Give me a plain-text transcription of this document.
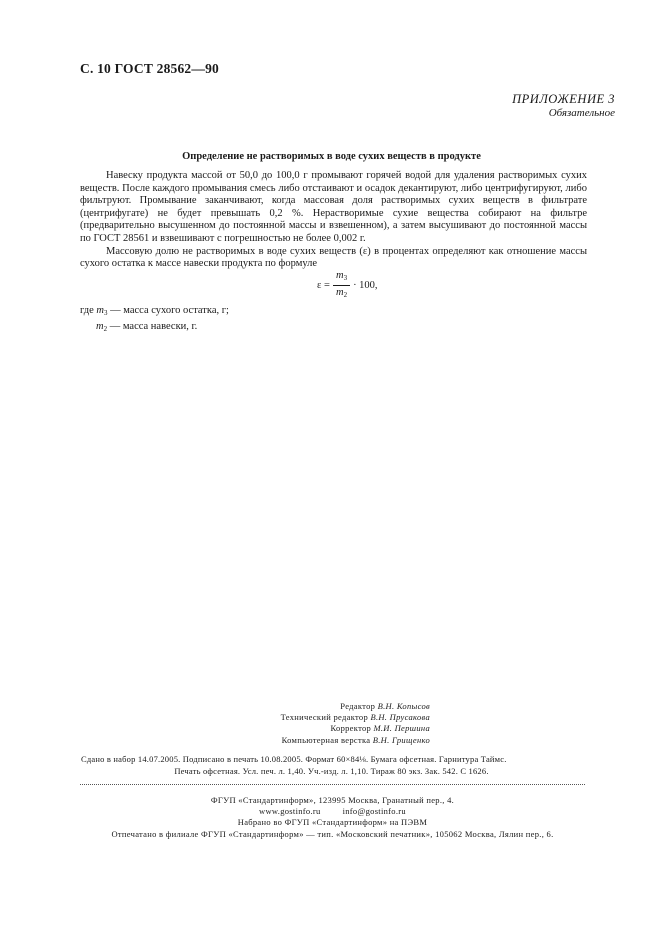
С. 10 ГОСТ 28562—90
ПРИЛОЖЕНИЕ 3
Обязательное
Определение не растворимых в воде сухих веществ в продукте

Навеску продукта массой от 50,0 до 100,0 г промывают горячей водой для удаления растворимых сухих веществ. После каждого промывания смесь либо отстаивают и осадок декантируют, либо центрифугируют, либо фильтруют. Промывание заканчивают, когда массовая доля растворимых сухих веществ в фильтрате (центрифугате) не будет превышать 0,2 %. Нерастворимые сухие вещества собирают на фильтре (предварительно высушенном до постоянной массы и взвешенном), а затем высушивают до постоянной массы по ГОСТ 28561 и взвешивают с погрешностью не более 0,002 г.

Массовую долю не растворимых в воде сухих веществ (ε) в процентах определяют как отношение массы сухого остатка к массе навески продукта по формуле

$\varepsilon = \frac{m_3}{m_2} \cdot 100$,
где $m_3$ — масса сухого остатка, г;
$m_2$ — масса навески, г.
Редактор В.Н. Копысов
Технический редактор В.Н. Прусакова
Корректор М.И. Першина
Компьютерная верстка В.Н. Грищенко
Сдано в набор 14.07.2005. Подписано в печать 10.08.2005. Формат 60×84⅛. Бумага офсетная. Гарнитура Таймс.
Печать офсетная. Усл. печ. л. 1,40. Уч.-изд. л. 1,10. Тираж 80 экз. Зак. 542. С 1626.
ФГУП «Стандартинформ», 123995 Москва, Гранатный пер., 4.
www.gostinfo.ru	info@gostinfo.ru
Набрано во ФГУП «Стандартинформ» на ПЭВМ
Отпечатано в филиале ФГУП «Стандартинформ» — тип. «Московский печатник», 105062 Москва, Лялин пер., 6.
